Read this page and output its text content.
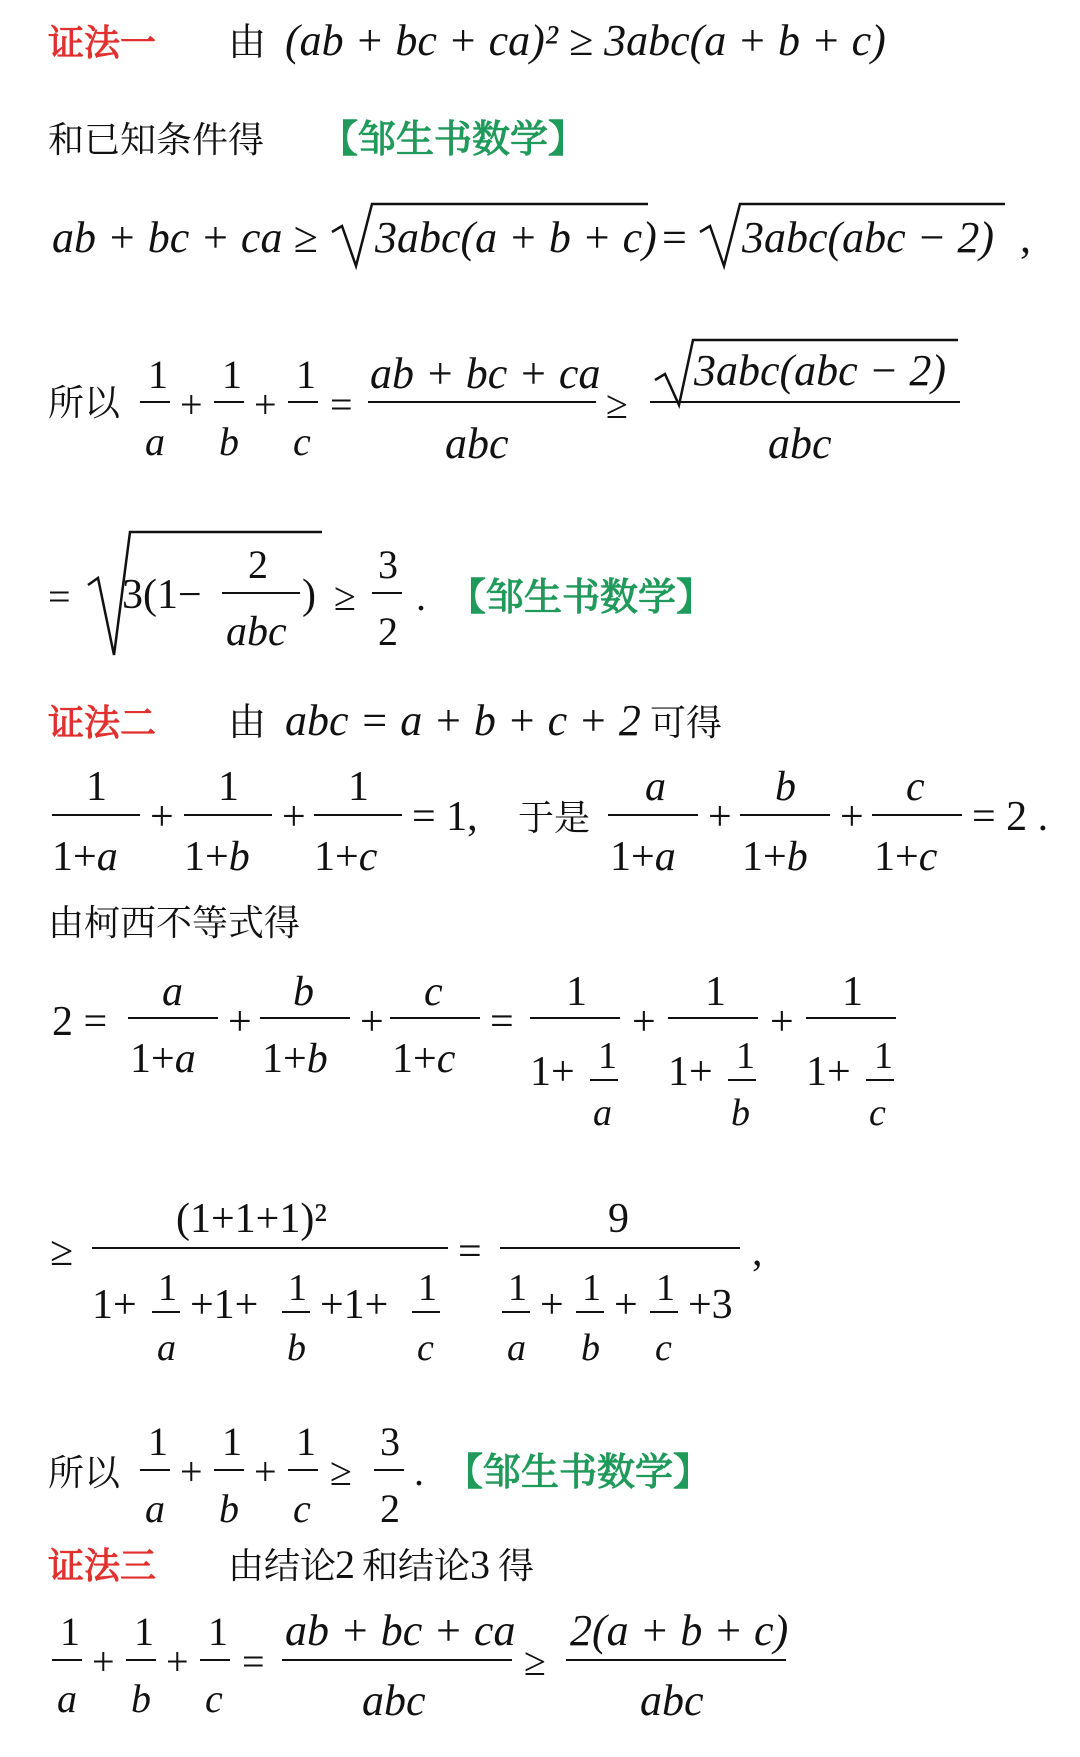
证法一 由 (ab + bc + ca)² ≥ 3abc(a + b + c)
和已知条件得 【邹生书数学】
ab + bc + ca ≥ 3abc(a + b + c) = 3abc(abc − 2) ,
所以
1
a
+
1
b
+
1
c
=
ab + bc + ca
abc
≥
3abc(abc − 2)
abc
= 3(1−
2
abc
) ≥
3
2
. 【邹生书数学】
证法二 由 abc = a + b + c + 2 可得
1
1+a
+
1
1+b
+
1
1+c
= 1, 于是
a
1+a
+
b
1+b
+
c
1+c
= 2 .
由柯西不等式得
2 =
a
1+a
+
b
1+b
+
c
1+c
=
1
1+ 1
a
+
1
1+ 1
b
+
1
1+ 1
c
≥
(1+1+1)²
1+ 1
a
+1+ 1
b
+1+ 1
c
=
9
1
a
+ 1
b
+ 1
c
+3
,
所以
1
a
+
1
b
+
1
c
≥
3
2
. 【邹生书数学】
证法三 由结论
2 和结论 3 得
1
a
+
1
b
+
1
c
=
ab + bc + ca
abc
≥
2(a + b + c)
abc
